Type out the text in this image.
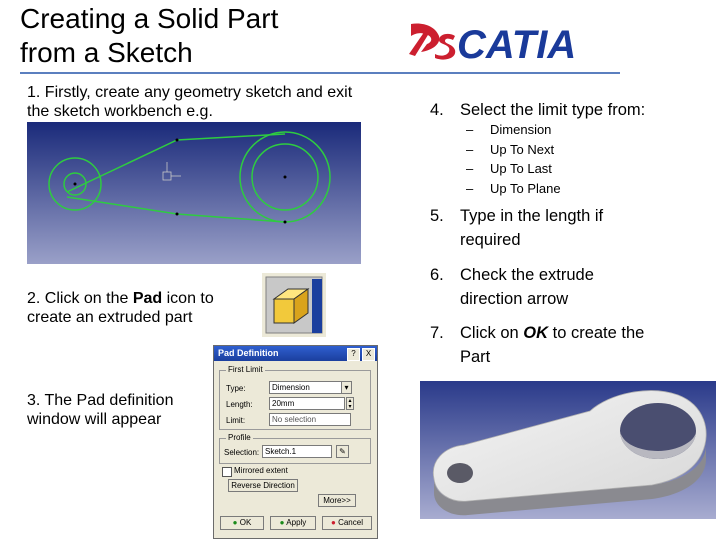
Creating a Solid Part
from a Sketch	CATIA
1. Firstly, create any geometry sketch and exit the sketch workbench e.g.
2. Click on the Pad icon to create an extruded part
3. The Pad definition window will appear
Pad Definition	?	X
First Limit
Type:	Dimension	▾
Length:	20mm	▴
▾
Limit:	No selection
Profile
Selection: Sketch.1	✎
Mirrored extent
Reverse Direction
More>>
● OK	● Apply	● Cancel
4. Select the limit type from:
– Dimension
– Up To Next
– Up To Last
– Up To Plane
5. Type in the length if
required
6. Check the extrude
direction arrow
7. Click on OK to create the
Part
